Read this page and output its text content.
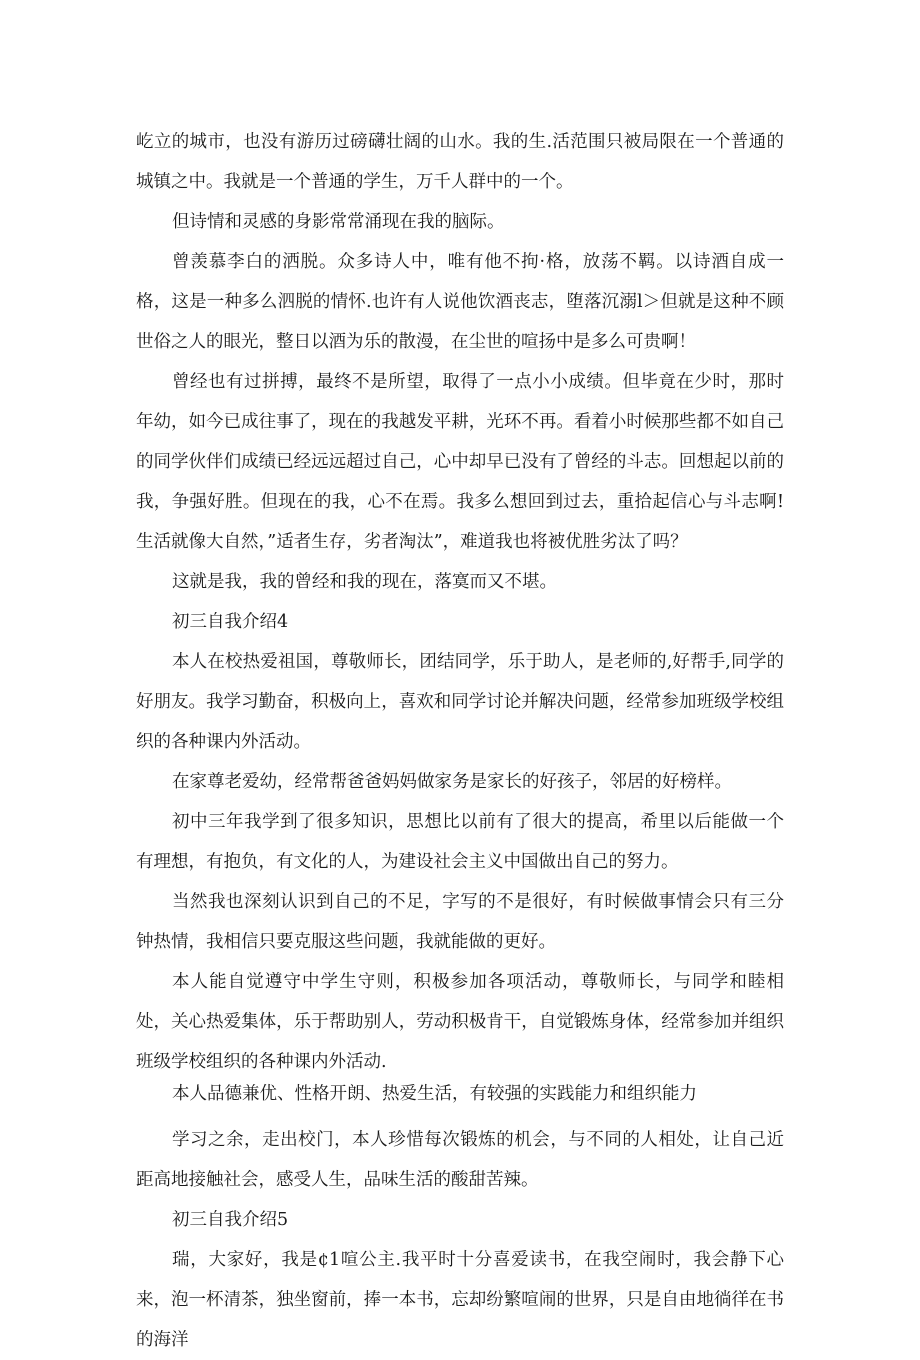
屹立的城市，也没有游历过磅礴壮阔的山水。我的生.活范围只被局限在一个普通的城镇之中。我就是一个普通的学生，万千人群中的一个。

但诗情和灵感的身影常常涌现在我的脑际。

曾羡慕李白的洒脱。众多诗人中，唯有他不拘·格，放荡不羁。以诗酒自成一格，这是一种多么泗脱的情怀.也许有人说他饮酒丧志，堕落沉溺l＞但就是这种不顾世俗之人的眼光，整日以酒为乐的散漫，在尘世的喧扬中是多么可贵啊！

曾经也有过拼搏，最终不是所望，取得了一点小小成绩。但毕竟在少时，那时年幼，如今已成往事了，现在的我越发平耕，光环不再。看着小时候那些都不如自己的同学伙伴们成绩已经远远超过自己，心中却早已没有了曾经的斗志。回想起以前的我，争强好胜。但现在的我，心不在焉。我多么想回到过去，重拾起信心与斗志啊!生活就像大自然，”适者生存，劣者淘汰”，难道我也将被优胜劣汰了吗？

这就是我，我的曾经和我的现在，落寞而又不堪。

初三自我介绍4

本人在校热爱祖国，尊敬师长，团结同学，乐于助人，是老师的,好帮手,同学的好朋友。我学习勤奋，积极向上，喜欢和同学讨论并解决问题，经常参加班级学校组织的各种课内外活动。

在家尊老爱幼，经常帮爸爸妈妈做家务是家长的好孩子，邻居的好榜样。

初中三年我学到了很多知识，思想比以前有了很大的提高，希里以后能做一个有理想，有抱负，有文化的人，为建设社会主义中国做出自己的努力。

当然我也深刻认识到自己的不足，字写的不是很好，有时候做事情会只有三分钟热情，我相信只要克服这些问题，我就能做的更好。

本人能自觉遵守中学生守则，积极参加各项活动，尊敬师长，与同学和睦相处，关心热爱集体，乐于帮助别人，劳动积极肯干，自觉锻炼身体，经常参加并组织班级学校组织的各种课内外活动.

本人品德兼优、性格开朗、热爱生活，有较强的实践能力和组织能力

学习之余，走出校门，本人珍惜每次锻炼的机会，与不同的人相处，让自己近距高地接触社会，感受人生，品味生活的酸甜苦辣。

初三自我介绍5

瑞，大家好，我是¢1喧公主.我平时十分喜爱读书，在我空闹时，我会静下心来，泡一杯清茶，独坐窗前，捧一本书，忘却纷繁喧闹的世界，只是自由地徜徉在书的海洋
